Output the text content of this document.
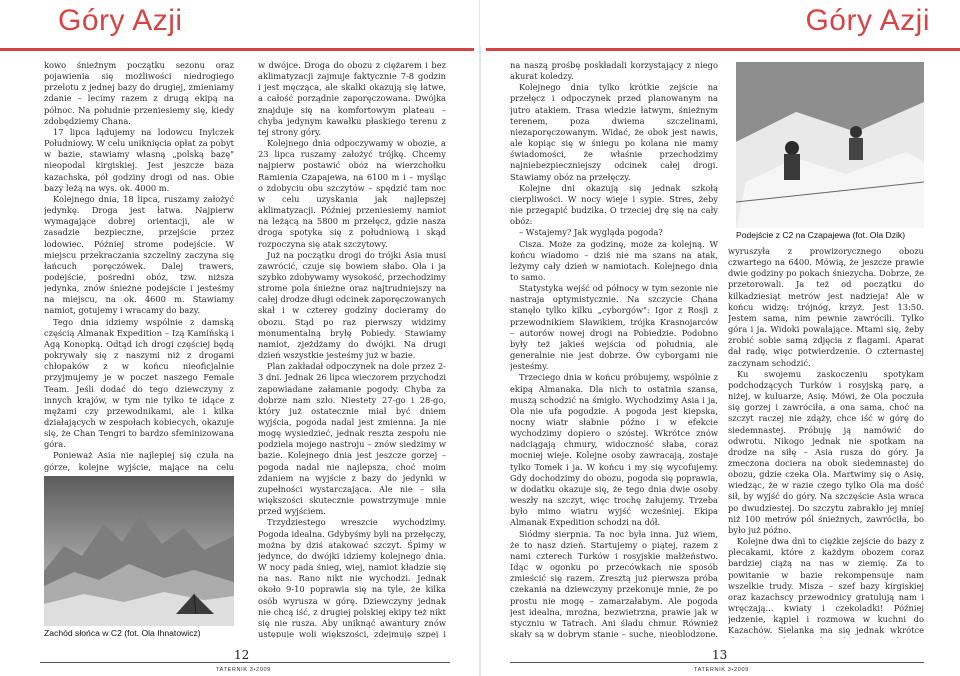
Góry Azji

kowo śnieżnym początku sezonu oraz pojawienia się możliwości niedrogiego przelotu z jednej bazy do drugiej, zmieniamy zdanie – lecimy razem z drugą ekipą na północ. Na południe przeniesiemy się, kiedy zdobędziemy Chana.

17 lipca lądujemy na lodowcu Inylczek Południowy. W celu uniknięcia opłat za pobyt w bazie, stawiamy własną „polską bazę" nieopodal kirgiskiej. Jest jeszcze baza kazachska, pół godziny drogi od nas. Obie bazy leżą na wys. ok. 4000 m.

Kolejnego dnia, 18 lipca, ruszamy założyć jedynkę. Droga jest łatwa. Najpierw wymagające dobrej orientacji, ale w zasadzie bezpieczne, przejście przez lodowiec. Później strome podejście. W miejscu przekraczania szczeliny zaczyna się łańcuch poręczówek. Dalej trawers, podejście, pośredni obóz, tzw. niższa jedynka, znów śnieżne podejście i jesteśmy na miejscu, na ok. 4600 m. Stawiamy namiot, gotujemy i wracamy do bazy.

Tego dnia idziemy wspólnie z damską częścią Almanak Expedition – Izą Kamińską i Agą Konopką. Odtąd ich drogi częściej będą pokrywały się z naszymi niż z drogami chłopaków z w końcu nieoficjalnie przyjmujemy je w poczet naszego Female Team. Jeśli dodać do tego dziewczyny z innych krajów, w tym nie tylko te idące z mężami czy przewodnikami, ale i kilka działających w zespołach kobiecych, okazuje się, że Chan Tengri to bardzo sfeminizowana góra.

Ponieważ Asia nie najlepiej się czuła na górze, kolejne wyjście, mające na celu

Zachód słońca w C2 (fot. Ola Ihnatowicz)

w dwójce. Droga do obozu z ciężarem i bez aklimatyzacji zajmuje faktycznie 7-8 godzin i jest męcząca, ale skalki okazują się łatwe, a całość porządnie zaporęczowana. Dwójka znajduje się na komfortowym plateau – chyba jedynym kawałku płaskiego terenu z tej strony góry.

Kolejnego dnia odpoczywamy w obozie, a 23 lipca ruszamy założyć trójkę. Chcemy najpierw postawić obóz na wierzchołku Ramienia Czapajewa, na 6100 m i – myśląc o zdobyciu obu szczytów – spędzić tam noc w celu uzyskania jak najlepszej aklimatyzacji. Później przeniesiemy namiot na leżącą na 5800 m przełęcz, gdzie nasza droga spotyka się z południową i skąd rozpoczyna się atak szczytowy.

Już na początku drogi do trójki Asia musi zawrócić, czuje się bowiem słabo. Ola i ja szybko zdobywamy wysokość, przechodzimy strome pola śnieżne oraz najtrudniejszy na całej drodze długi odcinek zaporęczowanych skał i w czterey godziny docieramy do obozu. Stąd po raz pierwszy widzimy monumentalną bryłę Pobiedy. Stawiamy namiot, zjeżdżamy do dwójki. Na drugi dzień wszystkie jesteśmy już w bazie.

Plan zakładał odpoczynek na dole przez 2-3 dni. Jednak 26 lipca wieczorem przychodzi zapowiadane załamanie pogody. Chyba za dobrze nam szło. Niestety 27-go i 28-go, który już ostatecznie miał być dniem wyjścia, pogoda nadal jest zmienna. Ja nie mogę wysiedzieć, jednak reszta zespołu nie podziela mojego nastroju – znów siedzimy w bazie. Kolejnego dnia jest jeszcze gorzej – pogoda nadal nie najlepsza, choć moim zdaniem na wyjście z bazy do jedynki w zupełności wystarczająca. Ale nie – siła większości skutecznie powstrzymuje mnie przed wyjściem.

Trzydziestego wreszcie wychodzimy. Pogoda idealna. Gdybyśmy byli na przełęczy, można by dziś atakować szczyt. Śpimy w jedynce, do dwójki idziemy kolejnego dnia. W nocy pada śnieg, wiej, namiot kładzie się na nas. Rano nikt nie wychodzi. Jednak około 9-10 poprawia się na tyle, że kilka osób wyrusza w górę. Dziewczyny jednak nie chcą iść, z drugiej polskiej ekipy też nikt się nie rusza. Aby uniknąć awantury znów ustępuje woli większości, zdejmuję szpej i

12
TATERNIK 3•2009
Góry Azji

na naszą prośbę poskładali korzystający z niego akurat koledzy.

Kolejnego dnia tylko krótkie zejście na przełęcz i odpoczynek przed planowanym na jutro atakiem. Trasa wiedzie łatwym, śnieżnym terenem, poza dwiema szczelinami, niezaporęczowanym. Widać, że obok jest nawis, ale kopiąc się w śniegu po kolana nie mamy świadomości, że właśnie przechodzimy najniebezpieczniejszy odcinek całej drogi. Stawiamy obóz na przełęczy.

Kolejne dni okazują się jednak szkołą cierpliwości. W nocy wieje i sypie. Stres, żeby nie przegapić budzika. O trzeciej drę się na cały obóz:

– Wstajemy? Jak wygląda pogoda?

Cisza. Może za godzinę, może za kolejną. W końcu wiadomo – dziś nie ma szans na atak, leżymy cały dzień w namiotach. Kolejnego dnia to samo.

Statystyka wejść od północy w tym sezonie nie nastraja optymistycznie. Na szczycie Chana stanęło tylko kilku „cyborgów": Igor z Rosji z przewodnikiem Sławikiem, trójka Krasnojarców – autorów nowej drogi na Pobiedzie. Podobno były też jakieś wejścia od południa, ale generalnie nie jest dobrze. Ów cyborgami nie jesteśmy.

Trzeciego dnia w końcu próbujemy, wspólnie z ekipą Almanaka. Dla nich to ostatnia szansa, muszą schodzić na śmigło. Wychodzimy Asia i ja, Ola nie ufa pogodzie. A pogoda jest kiepska, nocny wiatr słabnie późno i w efekcie wychodzimy dopiero o szóstej. Wkrótce znów nadciągają chmury, widoczność słaba, coraz mocniej wieje. Kolejne osoby zawracają, zostaje tylko Tomek i ja. W końcu i my się wycofujemy. Gdy dochodzimy do obozu, pogoda się poprawia, w dodatku okazuje się, że tego dnia dwie osoby weszły na szczyt, więc trochę żałujemy. Trzeba było mimo wiatru wyjść wcześniej. Ekipa Almanak Expedition schodzi na dół.

Siódmy sierpnia. Ta noc była inna. Już wiem, że to nasz dzień. Startujemy o piątej, razem z nami czterech Turków i rosyjskie małżeństwo. Idąc w ogonku po przecówkach nie sposób zmieścić się razem. Zresztą już pierwsza próba czekania na dziewczyny przekonuje mnie, że po prostu nie mogę – zamarzałabym. Ale pogoda jest idealna, mroźna, bezwietrzna, prawie jak w styczniu w Tatrach. Ani śladu chmur. Również skały są w dobrym stanie – suche, nieoblodzone.

Podejście z C2 na Czapajewa (fot. Ola Dzik)

wyruszyła z prowizorycznego obozu czwartego na 6400. Mówią, że jeszcze prawie dwie godziny po pokach śniezycha. Dobrze, że przetorowali. Ja też od początku do kilkadziesiąt metrów jest nadzieja! Ale w końcu widzę: trójnóg, krzyż. Jest 13:50. Jestem sama, nim pewnie zawrócili. Tylko góra i ja. Widoki powalające. Mtami się, żeby zrobić sobie samą zdjęcia z flagami. Aparat dał radę, więc potwierdzenie. O czternastej zaczynam schodzić.

Ku swojemu zaskoczeniu spotykam podchodzących Turków i rosyjską parę, a niżej, w kuluarze, Asię. Mówi, że Ola poczuła się gorzej i zawróciła, a ona sama, choć na szczyt raczej nie zdąży, chce iść w górę do siedemnastej. Próbuję ją namówić do odwrotu. Nikogo jednak nie spotkam na drodze na siłę – Asia rusza do góry. Ja zmeczona dociera na obok siedemnastej do obozu, gdzie czeka Ola. Martwimy się o Asię, wiedząc, że w razie czego tylko Ola ma dość sił, by wyjść do góry. Na szczęście Asia wraca po dwudziestej. Do szczytu zabrakło jej mniej niż 100 metrów pól śnieżnych, zawróciła, bo było już późno.

Kolejne dwa dni to ciężkie zejście do bazy z plecakami, które z każdym obozem coraz bardziej ciążą na nas w ziemię. Za to powitanie w bazie rekompensuje nam wszelkie trudy. Misza – szef bazy kirgiskiej oraz kazachscy przewodnicy gratulują nam i wręczają... kwiaty i czekoladki! Później jedzenie, kąpiel i rozmowa w kuchni do Kazachów. Sielanka ma się jednak wkrótce

13
TATERNIK 3•2009
